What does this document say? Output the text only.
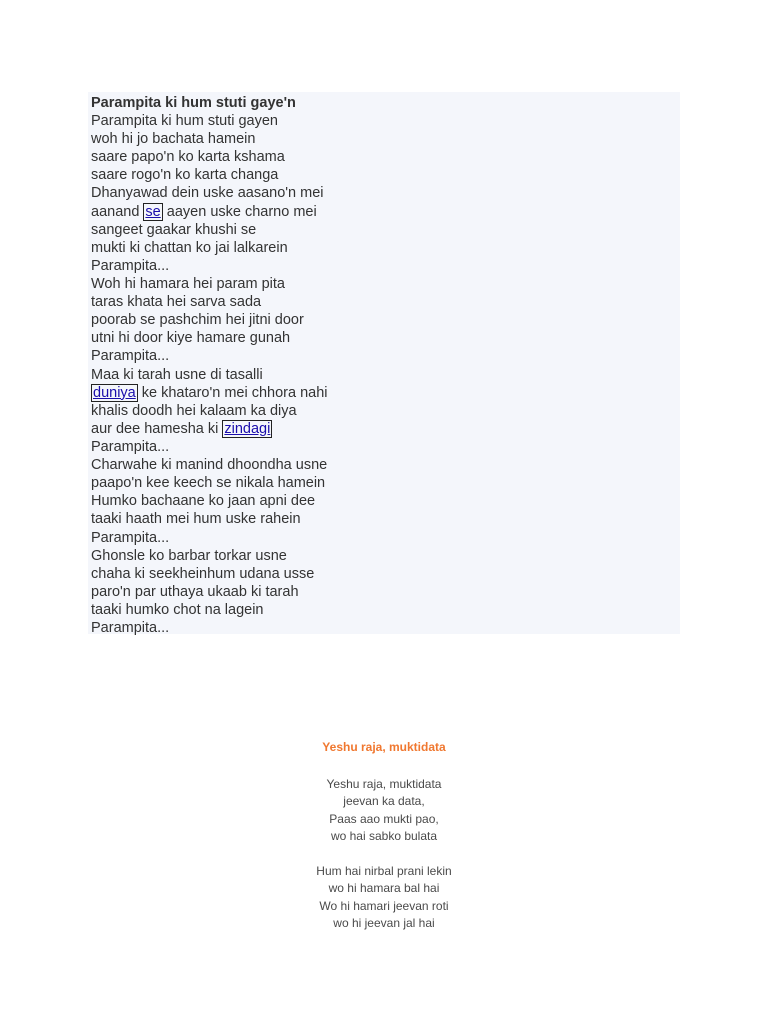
Parampita ki hum stuti gaye'n
Parampita ki hum stuti gayen
woh hi jo bachata hamein
saare papo'n ko karta kshama
saare rogo'n ko karta changa
Dhanyawad dein uske aasano'n mei
aanand se aayen uske charno mei
sangeet gaakar khushi se
mukti ki chattan ko jai lalkarein
Parampita...
Woh hi hamara hei param pita
taras khata hei sarva sada
poorab se pashchim hei jitni door
utni hi door kiye hamare gunah
Parampita...
Maa ki tarah usne di tasalli
duniya ke khataro'n mei chhora nahi
khalis doodh hei kalaam ka diya
aur dee hamesha ki zindagi
Parampita...
Charwahe ki manind dhoondha usne
paapo'n kee keech se nikala hamein
Humko bachaane ko jaan apni dee
taaki haath mei hum uske rahein
Parampita...
Ghonsle ko barbar torkar usne
chaha ki seekheinhum udana usse
paro'n par uthaya ukaab ki tarah
taaki humko chot na lagein
Parampita...
Yeshu raja, muktidata
Yeshu raja, muktidata
jeevan ka data,
Paas aao mukti pao,
wo hai sabko bulata
Hum hai nirbal prani lekin
wo hi hamara bal hai
Wo hi hamari jeevan roti
wo hi jeevan jal hai
